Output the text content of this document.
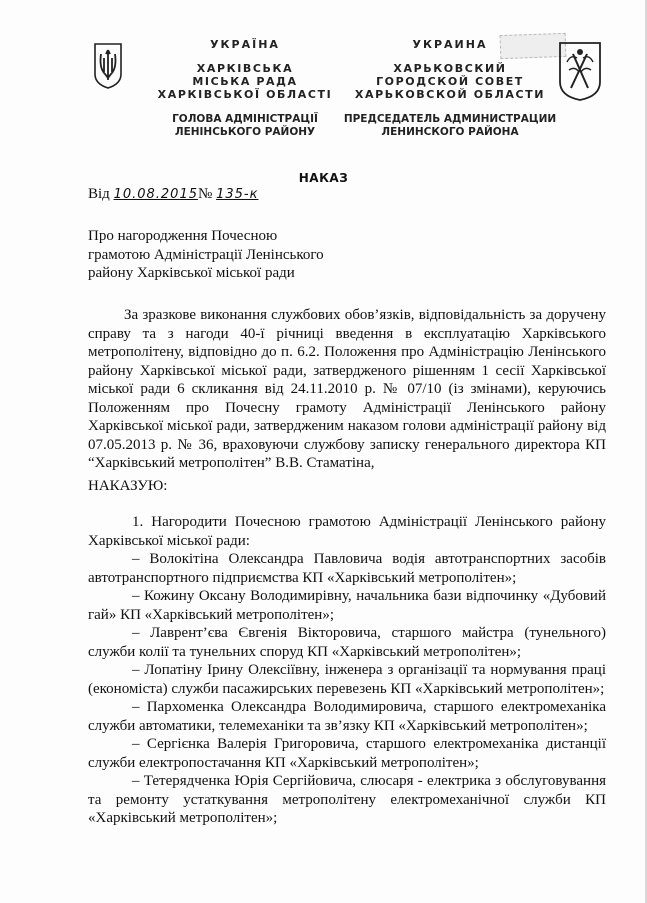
УКРАЇНА
ХАРКІВСЬКА
МІСЬКА РАДА
ХАРКІВСЬКОЇ ОБЛАСТІ
УКРАИНА
ХАРЬКОВСКИЙ
ГОРОДСКОЙ СОВЕТ
ХАРЬКОВСКОЙ ОБЛАСТИ
ГОЛОВА АДМІНІСТРАЦІЇ
ЛЕНІНСЬКОГО РАЙОНУ
ПРЕДСЕДАТЕЛЬ АДМИНИСТРАЦИИ
ЛЕНИНСКОГО РАЙОНА
НАКАЗ
Від 10.08.2015№ 135-к
Про нагородження Почесною
грамотою Адміністрації Ленінського
району Харківської міської ради

За зразкове виконання службових обов’язків, відповідальність за доручену справу та з нагоди 40-ї річниці введення в експлуатацію Харківського метрополітену, відповідно до п. 6.2. Положення про Адміністрацію Ленінського району Харківської міської ради, затвердженого рішенням 1 сесії Харківської міської ради 6 скликання від 24.11.2010 р. № 07/10 (із змінами), керуючись Положенням про Почесну грамоту Адміністрації Ленінського району Харківської міської ради, затвердженим наказом голови адміністрації району від 07.05.2013 р. № 36, враховуючи службову записку генерального директора КП “Харківський метрополітен” В.В. Стаматіна,

НАКАЗУЮ:

1. Нагородити Почесною грамотою Адміністрації Ленінського району Харківської міської ради:

– Волокітіна Олександра Павловича водія автотранспортних засобів автотранспортного підприємства КП «Харківський метрополітен»;

– Кожину Оксану Володимирівну, начальника бази відпочинку «Дубовий гай» КП «Харківський метрополітен»;

– Лаврент’єва Євгенія Вікторовича, старшого майстра (тунельного) служби колії та тунельних споруд КП «Харківський метрополітен»;

– Лопатіну Ірину Олексіївну, інженера з організації та нормування праці (економіста) служби пасажирських перевезень КП «Харківський метрополітен»;

– Пархоменка Олександра Володимировича, старшого електромеханіка служби автоматики, телемеханіки та зв’язку КП «Харківський метрополітен»;

– Сергієнка Валерія Григоровича, старшого електромеханіка дистанції служби електропостачання КП «Харківський метрополітен»;

– Тетерядченка Юрія Сергійовича, слюсаря - електрика з обслуговування та ремонту устаткування метрополітену електромеханічної служби КП «Харківський метрополітен»;
